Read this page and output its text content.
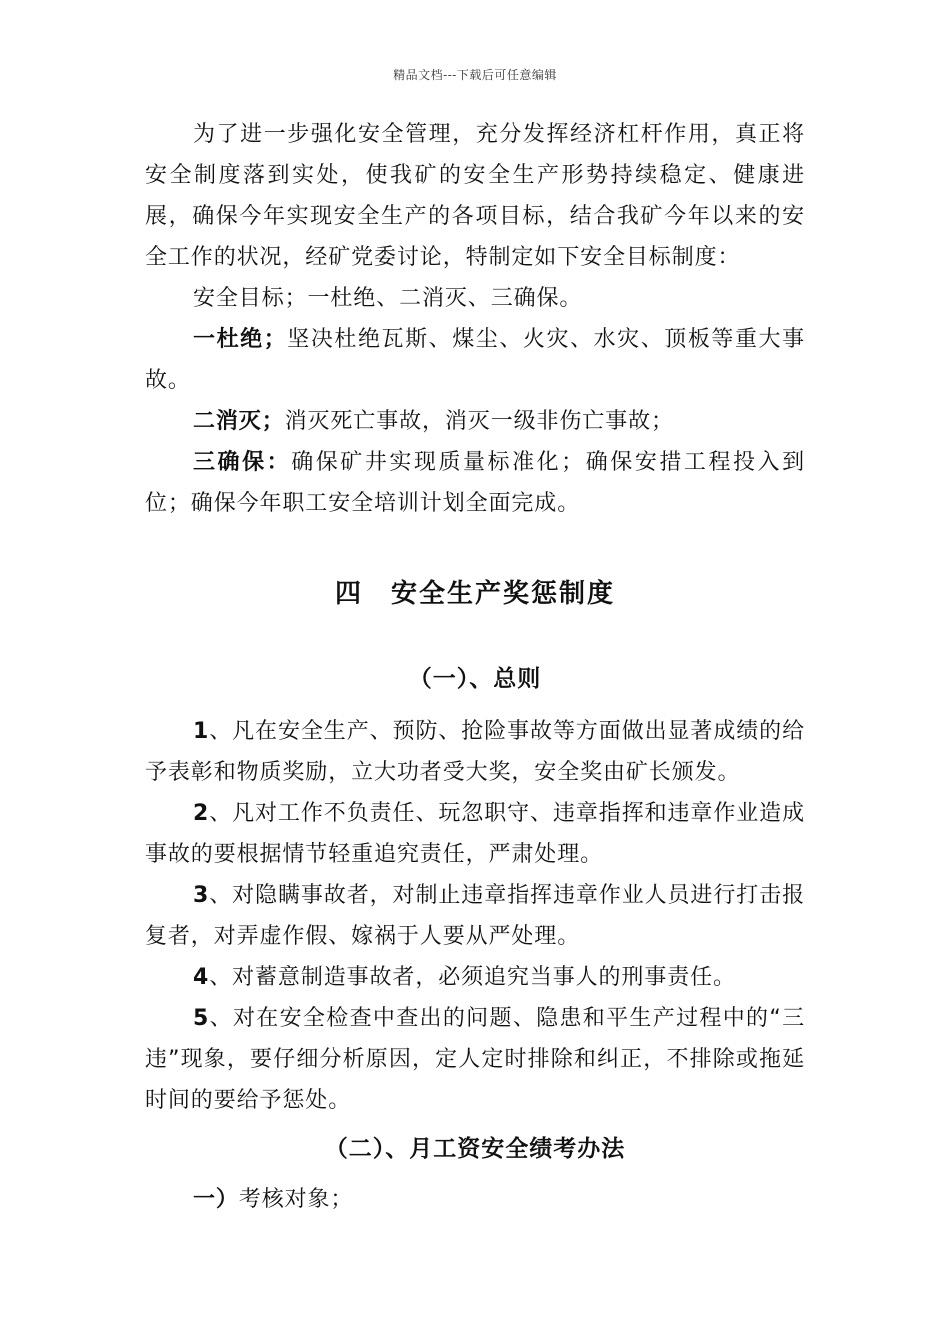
精品文档---下载后可任意编辑

为了进一步强化安全管理，充分发挥经济杠杆作用，真正将安全制度落到实处，使我矿的安全生产形势持续稳定、健康进展，确保今年实现安全生产的各项目标，结合我矿今年以来的安全工作的状况，经矿党委讨论，特制定如下安全目标制度：

安全目标；一杜绝、二消灭、三确保。

一杜绝；坚决杜绝瓦斯、煤尘、火灾、水灾、顶板等重大事故。

二消灭；消灭死亡事故，消灭一级非伤亡事故；

三确保：确保矿井实现质量标准化；确保安措工程投入到位；确保今年职工安全培训计划全面完成。

四　安全生产奖惩制度
（一）、总则

1、凡在安全生产、预防、抢险事故等方面做出显著成绩的给予表彰和物质奖励，立大功者受大奖，安全奖由矿长颁发。

2、凡对工作不负责任、玩忽职守、违章指挥和违章作业造成事故的要根据情节轻重追究责任，严肃处理。

3、对隐瞒事故者，对制止违章指挥违章作业人员进行打击报复者，对弄虚作假、嫁祸于人要从严处理。

4、对蓄意制造事故者，必须追究当事人的刑事责任。

5、对在安全检查中查出的问题、隐患和平生产过程中的“三违”现象，要仔细分析原因，定人定时排除和纠正，不排除或拖延时间的要给予惩处。

（二）、月工资安全绩考办法

一）考核对象；
